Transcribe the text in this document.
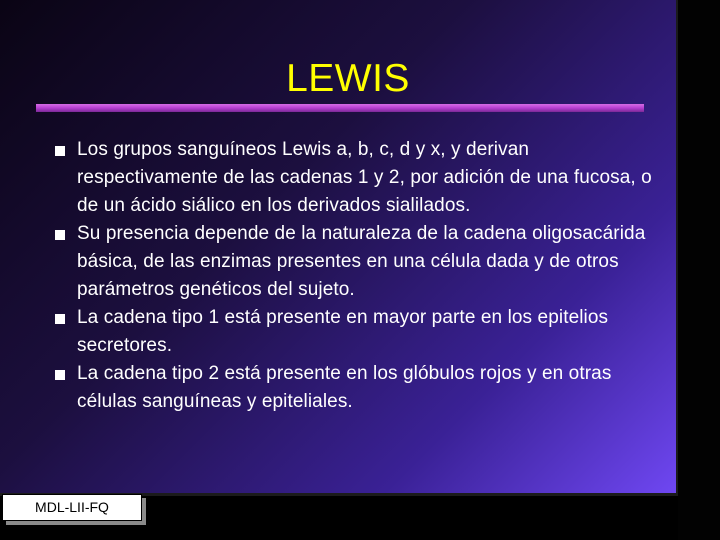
LEWIS
Los grupos sanguíneos Lewis a, b, c, d y x, y derivan respectivamente de las cadenas 1 y 2, por adición de una fucosa, o de un ácido siálico en los derivados sialilados.
Su presencia depende de la naturaleza de la cadena oligosacárida básica, de las enzimas presentes en una célula dada y de otros parámetros genéticos del sujeto.
La cadena tipo 1 está presente en mayor parte en los epitelios secretores.
La cadena tipo 2 está presente en los glóbulos rojos y en otras células sanguíneas y epiteliales.
MDL-LII-FQ
